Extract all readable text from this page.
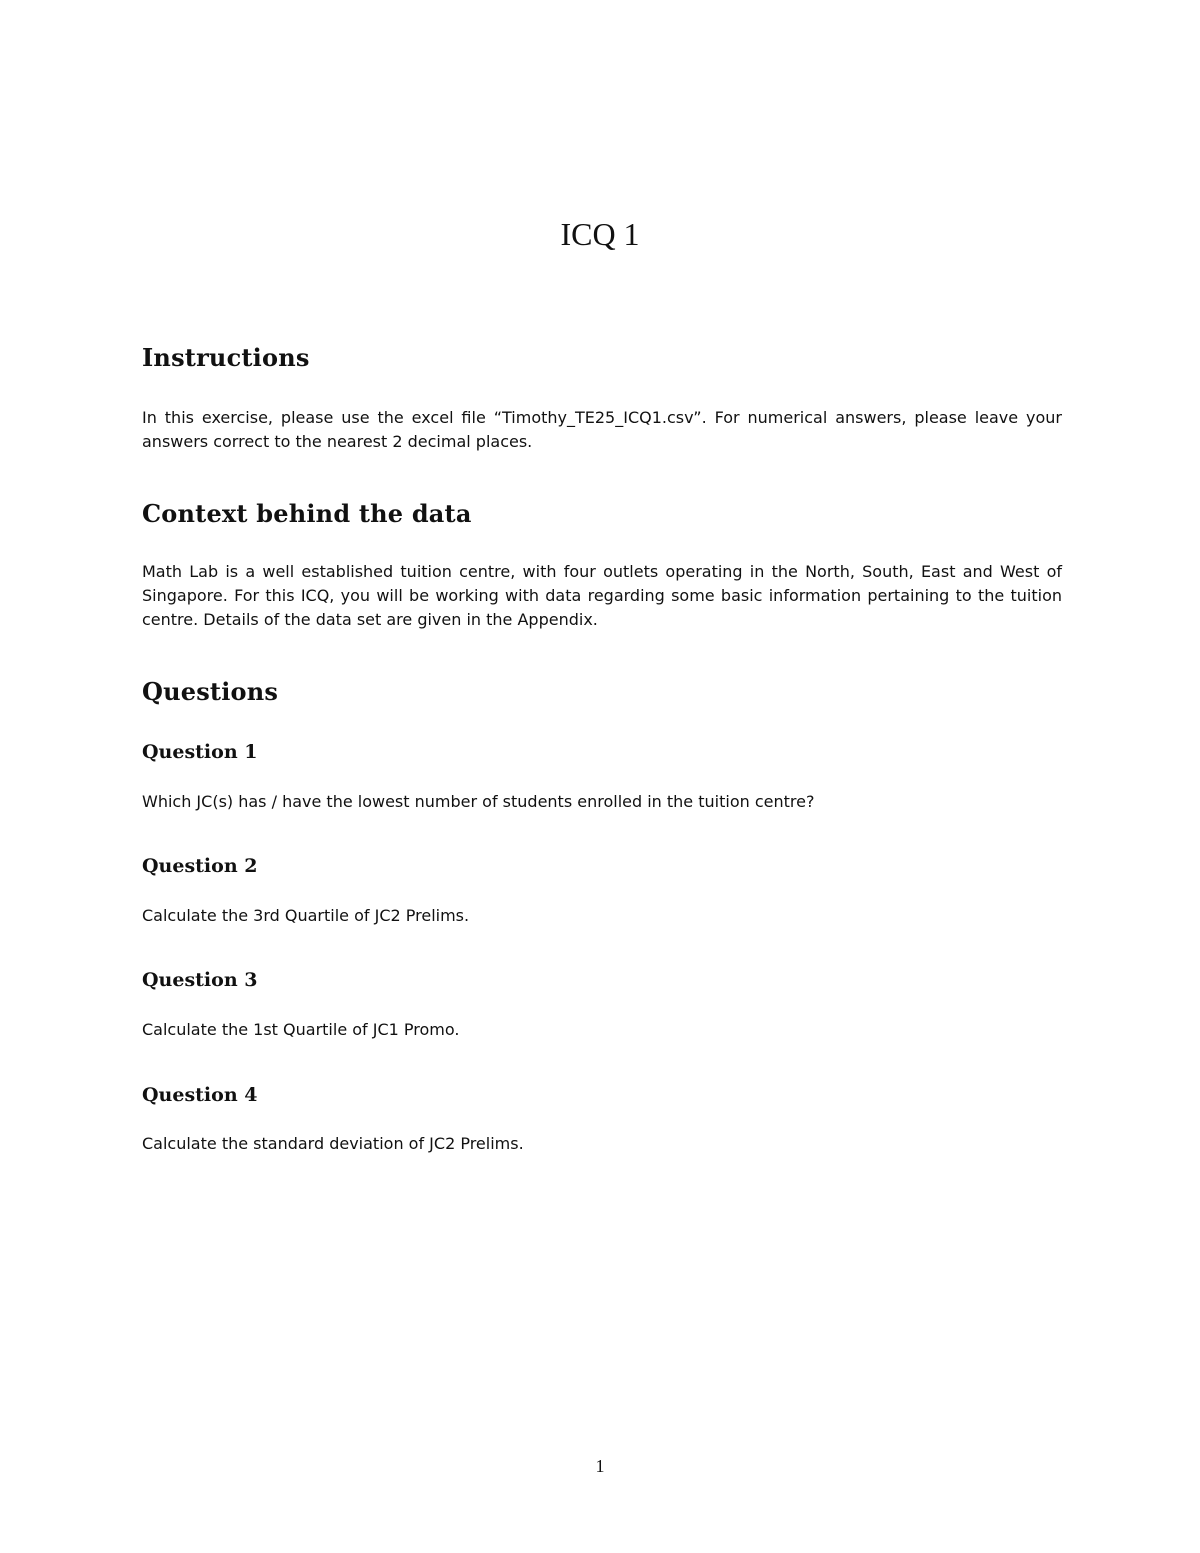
ICQ 1
Instructions

In this exercise, please use the excel file “Timothy_TE25_ICQ1.csv”. For numerical answers, please leave your answers correct to the nearest 2 decimal places.

Context behind the data

Math Lab is a well established tuition centre, with four outlets operating in the North, South, East and West of Singapore. For this ICQ, you will be working with data regarding some basic information pertaining to the tuition centre. Details of the data set are given in the Appendix.

Questions
Question 1

Which JC(s) has / have the lowest number of students enrolled in the tuition centre?

Question 2

Calculate the 3rd Quartile of JC2 Prelims.

Question 3

Calculate the 1st Quartile of JC1 Promo.

Question 4

Calculate the standard deviation of JC2 Prelims.

1
